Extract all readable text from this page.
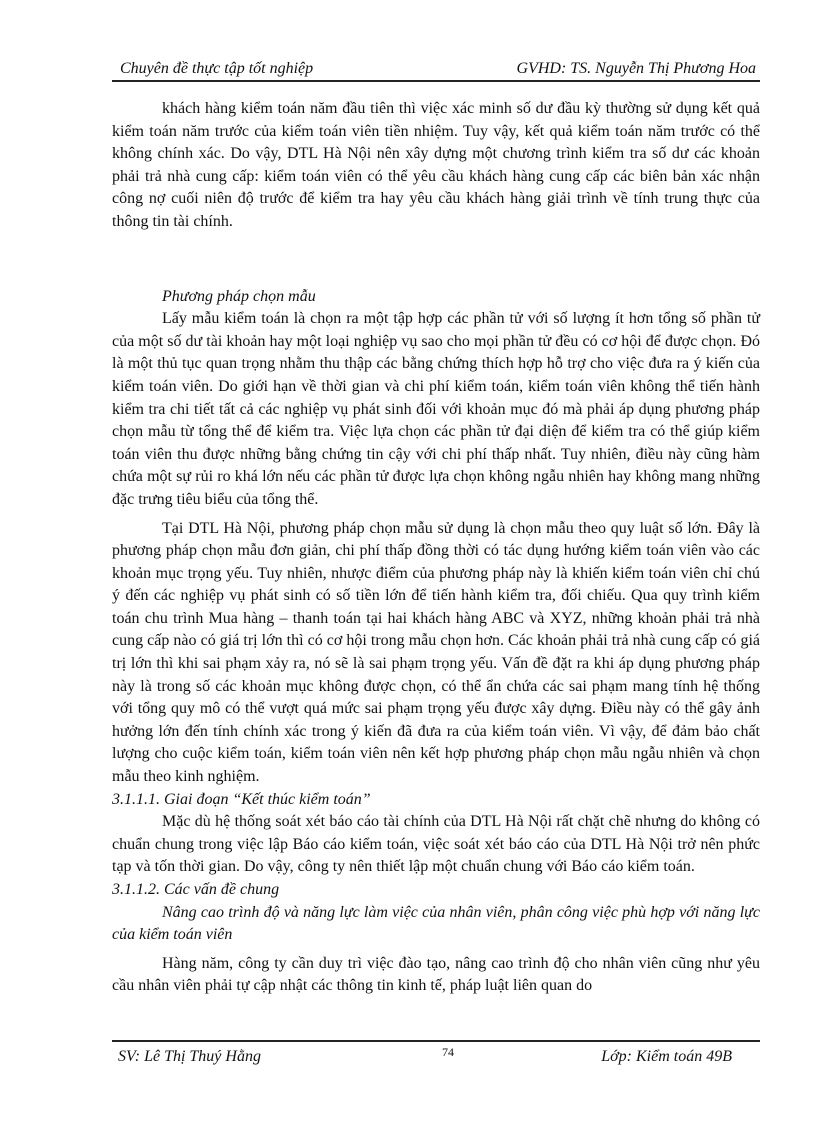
Chuyên đề thực tập tốt nghiệp	GVHD: TS. Nguyễn Thị Phương Hoa

khách hàng kiểm toán năm đầu tiên thì việc xác minh số dư đầu kỳ thường sử dụng kết quả kiểm toán năm trước của kiểm toán viên tiền nhiệm. Tuy vậy, kết quả kiểm toán năm trước có thể không chính xác. Do vậy, DTL Hà Nội nên xây dựng một chương trình kiểm tra số dư các khoản phải trả nhà cung cấp: kiểm toán viên có thể yêu cầu khách hàng cung cấp các biên bản xác nhận công nợ cuối niên độ trước để kiểm tra hay yêu cầu khách hàng giải trình về tính trung thực của thông tin tài chính.

Phương pháp chọn mẫu

Lấy mẫu kiểm toán là chọn ra một tập hợp các phần tử với số lượng ít hơn tổng số phần tử của một số dư tài khoản hay một loại nghiệp vụ sao cho mọi phần tử đều có cơ hội để được chọn. Đó là một thủ tục quan trọng nhằm thu thập các bằng chứng thích hợp hỗ trợ cho việc đưa ra ý kiến của kiểm toán viên. Do giới hạn về thời gian và chi phí kiểm toán, kiểm toán viên không thể tiến hành kiểm tra chi tiết tất cả các nghiệp vụ phát sinh đối với khoản mục đó mà phải áp dụng phương pháp chọn mẫu từ tổng thể để kiểm tra. Việc lựa chọn các phần tử đại diện để kiểm tra có thể giúp kiểm toán viên thu được những bằng chứng tin cậy với chi phí thấp nhất. Tuy nhiên, điều này cũng hàm chứa một sự rủi ro khá lớn nếu các phần tử được lựa chọn không ngẫu nhiên hay không mang những đặc trưng tiêu biểu của tổng thể.

Tại DTL Hà Nội, phương pháp chọn mẫu sử dụng là chọn mẫu theo quy luật số lớn. Đây là phương pháp chọn mẫu đơn giản, chi phí thấp đồng thời có tác dụng hướng kiểm toán viên vào các khoản mục trọng yếu. Tuy nhiên, nhược điểm của phương pháp này là khiến kiểm toán viên chỉ chú ý đến các nghiệp vụ phát sinh có số tiền lớn để tiến hành kiểm tra, đối chiếu. Qua quy trình kiểm toán chu trình Mua hàng – thanh toán tại hai khách hàng ABC và XYZ, những khoản phải trả nhà cung cấp nào có giá trị lớn thì có cơ hội trong mẫu chọn hơn. Các khoản phải trả nhà cung cấp có giá trị lớn thì khi sai phạm xảy ra, nó sẽ là sai phạm trọng yếu. Vấn đề đặt ra khi áp dụng phương pháp này là trong số các khoản mục không được chọn, có thể ẩn chứa các sai phạm mang tính hệ thống với tổng quy mô có thể vượt quá mức sai phạm trọng yếu được xây dựng. Điều này có thể gây ảnh hưởng lớn đến tính chính xác trong ý kiến đã đưa ra của kiểm toán viên. Vì vậy, để đảm bảo chất lượng cho cuộc kiểm toán, kiểm toán viên nên kết hợp phương pháp chọn mẫu ngẫu nhiên và chọn mẫu theo kinh nghiệm.

3.1.1.1. Giai đoạn “Kết thúc kiểm toán”

Mặc dù hệ thống soát xét báo cáo tài chính của DTL Hà Nội rất chặt chẽ nhưng do không có chuẩn chung trong việc lập Báo cáo kiểm toán, việc soát xét báo cáo của DTL Hà Nội trở nên phức tạp và tốn thời gian. Do vậy, công ty nên thiết lập một chuẩn chung với Báo cáo kiểm toán.

3.1.1.2. Các vấn đề chung

Nâng cao trình độ và năng lực làm việc của nhân viên, phân công việc phù hợp với năng lực của kiểm toán viên

Hàng năm, công ty cần duy trì việc đào tạo, nâng cao trình độ cho nhân viên cũng như yêu cầu nhân viên phải tự cập nhật các thông tin kinh tế, pháp luật liên quan do

SV: Lê Thị Thuý Hằng	74	Lớp: Kiểm toán 49B
